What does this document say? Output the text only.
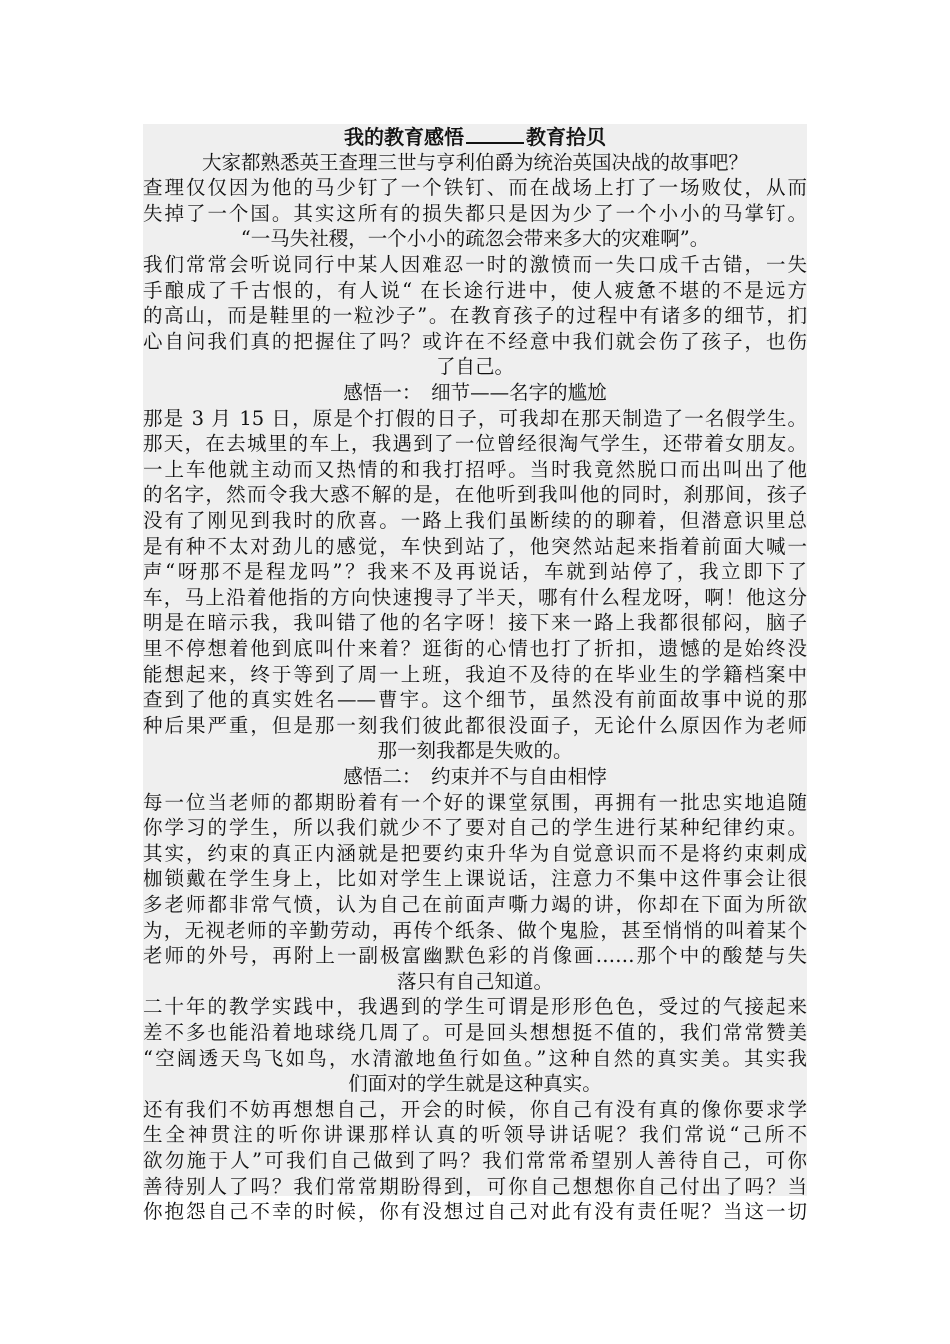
我的教育感悟	教育拾贝
大家都熟悉英王查理三世与亨利伯爵为统治英国决战的故事吧？
查理仅仅因为他的马少钉了一个铁钉、而在战场上打了一场败仗，从而
失掉了一个国。其实这所有的损失都只是因为少了一个小小的马掌钉。
“一马失社稷，一个小小的疏忽会带来多大的灾难啊”。
我们常常会听说同行中某人因难忍一时的激愤而一失口成千古错，一失
手酿成了千古恨的，有人说“ 在长途行进中，使人疲惫不堪的不是远方
的高山，而是鞋里的一粒沙子”。在教育孩子的过程中有诸多的细节，扪
心自问我们真的把握住了吗？或许在不经意中我们就会伤了孩子，也伤
了自己。
感悟一：　细节——名字的尴尬
那是 3 月 15 日，原是个打假的日子，可我却在那天制造了一名假学生。
那天，在去城里的车上，我遇到了一位曾经很淘气学生，还带着女朋友。
一上车他就主动而又热情的和我打招呼。当时我竟然脱口而出叫出了他
的名字，然而令我大惑不解的是，在他听到我叫他的同时，刹那间，孩子
没有了刚见到我时的欣喜。一路上我们虽断续的的聊着，但潜意识里总
是有种不太对劲儿的感觉，车快到站了，他突然站起来指着前面大喊一
声“呀那不是程龙吗”？我来不及再说话，车就到站停了，我立即下了
车，马上沿着他指的方向快速搜寻了半天，哪有什么程龙呀，啊！他这分
明是在暗示我，我叫错了他的名字呀！接下来一路上我都很郁闷，脑子
里不停想着他到底叫什来着？逛街的心情也打了折扣，遗憾的是始终没
能想起来，终于等到了周一上班，我迫不及待的在毕业生的学籍档案中
查到了他的真实姓名——曹宇。这个细节，虽然没有前面故事中说的那
种后果严重，但是那一刻我们彼此都很没面子，无论什么原因作为老师
那一刻我都是失败的。
感悟二：　约束并不与自由相悖
每一位当老师的都期盼着有一个好的课堂氛围，再拥有一批忠实地追随
你学习的学生，所以我们就少不了要对自己的学生进行某种纪律约束。
其实，约束的真正内涵就是把要约束升华为自觉意识而不是将约束刺成
枷锁戴在学生身上，比如对学生上课说话，注意力不集中这件事会让很
多老师都非常气愤，认为自己在前面声嘶力竭的讲，你却在下面为所欲
为，无视老师的辛勤劳动，再传个纸条、做个鬼脸，甚至悄悄的叫着某个
老师的外号，再附上一副极富幽默色彩的肖像画……那个中的酸楚与失
落只有自己知道。
二十年的教学实践中，我遇到的学生可谓是形形色色，受过的气接起来
差不多也能沿着地球绕几周了。可是回头想想挺不值的，我们常常赞美
“空阔透天鸟飞如鸟，水清澈地鱼行如鱼。”这种自然的真实美。其实我
们面对的学生就是这种真实。
还有我们不妨再想想自己，开会的时候，你自己有没有真的像你要求学
生全神贯注的听你讲课那样认真的听领导讲话呢？我们常说“己所不
欲勿施于人”可我们自己做到了吗？我们常常希望别人善待自己，可你
善待别人了吗？我们常常期盼得到，可你自己想想你自己付出了吗？当
你抱怨自己不幸的时候，你有没想过自己对此有没有责任呢？当这一切
